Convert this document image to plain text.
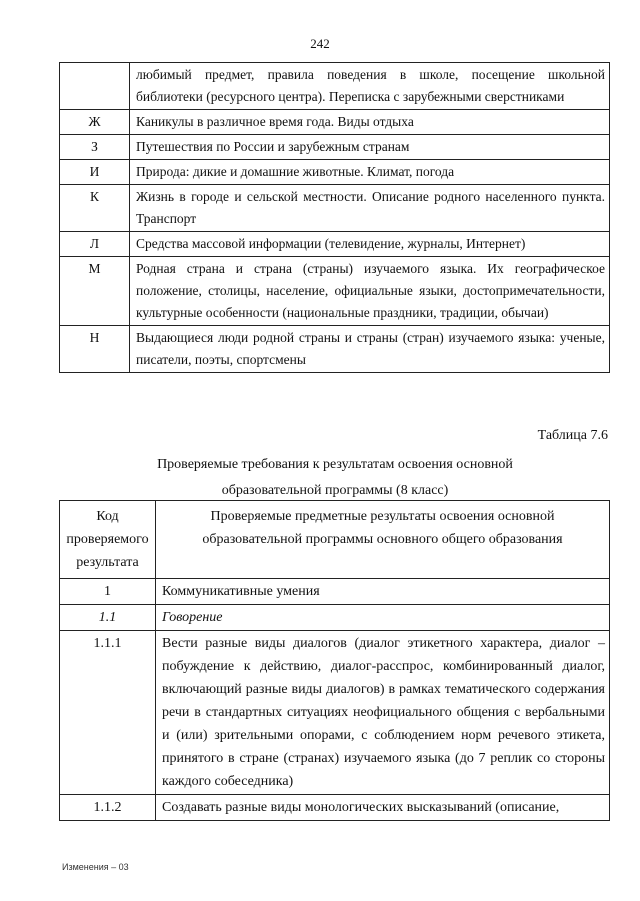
242
	любимый предмет, правила поведения в школе, посещение школьной библиотеки (ресурсного центра). Переписка с зарубежными сверстниками
Ж	Каникулы в различное время года. Виды отдыха
З	Путешествия по России и зарубежным странам
И	Природа: дикие и домашние животные. Климат, погода
К	Жизнь в городе и сельской местности. Описание родного населенного пункта. Транспорт
Л	Средства массовой информации (телевидение, журналы, Интернет)
М	Родная страна и страна (страны) изучаемого языка. Их географическое положение, столицы, население, официальные языки, достопримечательности, культурные особенности (национальные праздники, традиции, обычаи)
Н	Выдающиеся люди родной страны и страны (стран) изучаемого языка: ученые, писатели, поэты, спортсмены
Таблица 7.6
Проверяемые требования к результатам освоения основной
образовательной программы (8 класс)
Код проверяемого результата	Проверяемые предметные результаты освоения основной образовательной программы основного общего образования
1	Коммуникативные умения
1.1	Говорение
1.1.1	Вести разные виды диалогов (диалог этикетного характера, диалог – побуждение к действию, диалог-расспрос, комбинированный диалог, включающий разные виды диалогов) в рамках тематического содержания речи в стандартных ситуациях неофициального общения с вербальными и (или) зрительными опорами, с соблюдением норм речевого этикета, принятого в стране (странах) изучаемого языка (до 7 реплик со стороны каждого собеседника)
1.1.2	Создавать разные виды монологических высказываний (описание,
Изменения – 03
